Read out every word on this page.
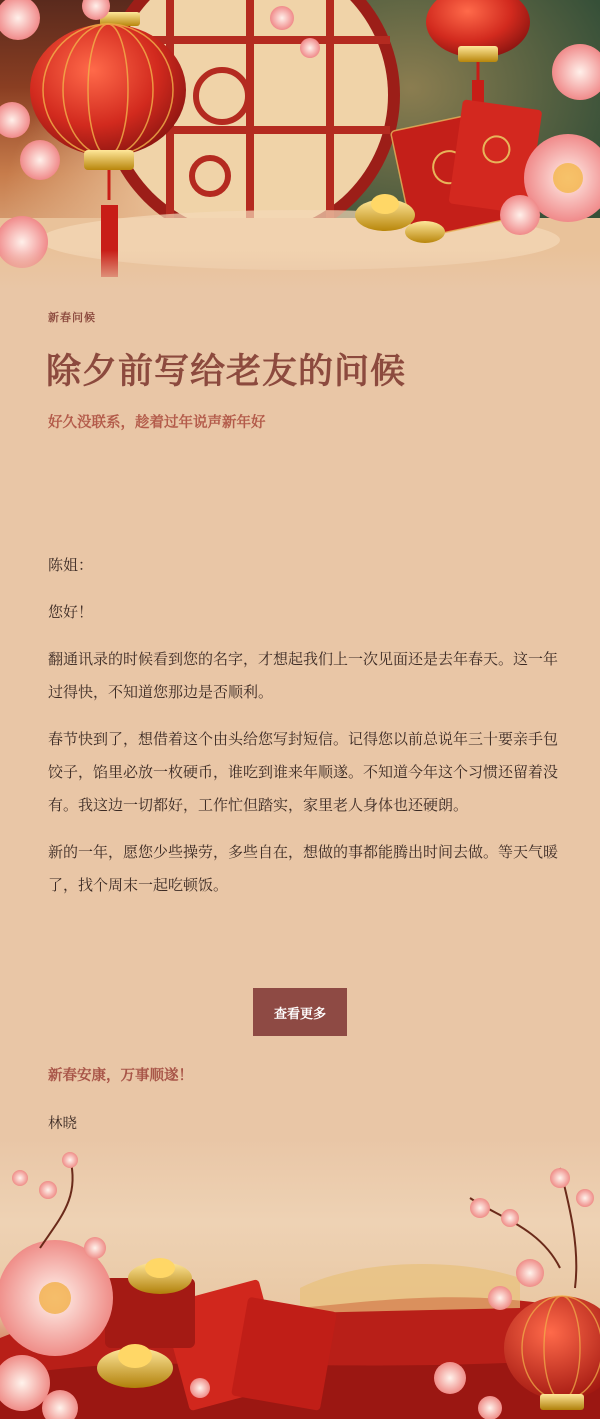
新春问候
除夕前写给老友的问候
好久没联系，趁着过年说声新年好

陈姐：

您好！

翻通讯录的时候看到您的名字，才想起我们上一次见面还是去年春天。这一年过得快，不知道您那边是否顺利。

春节快到了，想借着这个由头给您写封短信。记得您以前总说年三十要亲手包饺子，馅里必放一枚硬币，谁吃到谁来年顺遂。不知道今年这个习惯还留着没有。我这边一切都好，工作忙但踏实，家里老人身体也还硬朗。

新的一年，愿您少些操劳，多些自在，想做的事都能腾出时间去做。等天气暖了，找个周末一起吃顿饭。

查看更多
新春安康，万事顺遂！
林晓
